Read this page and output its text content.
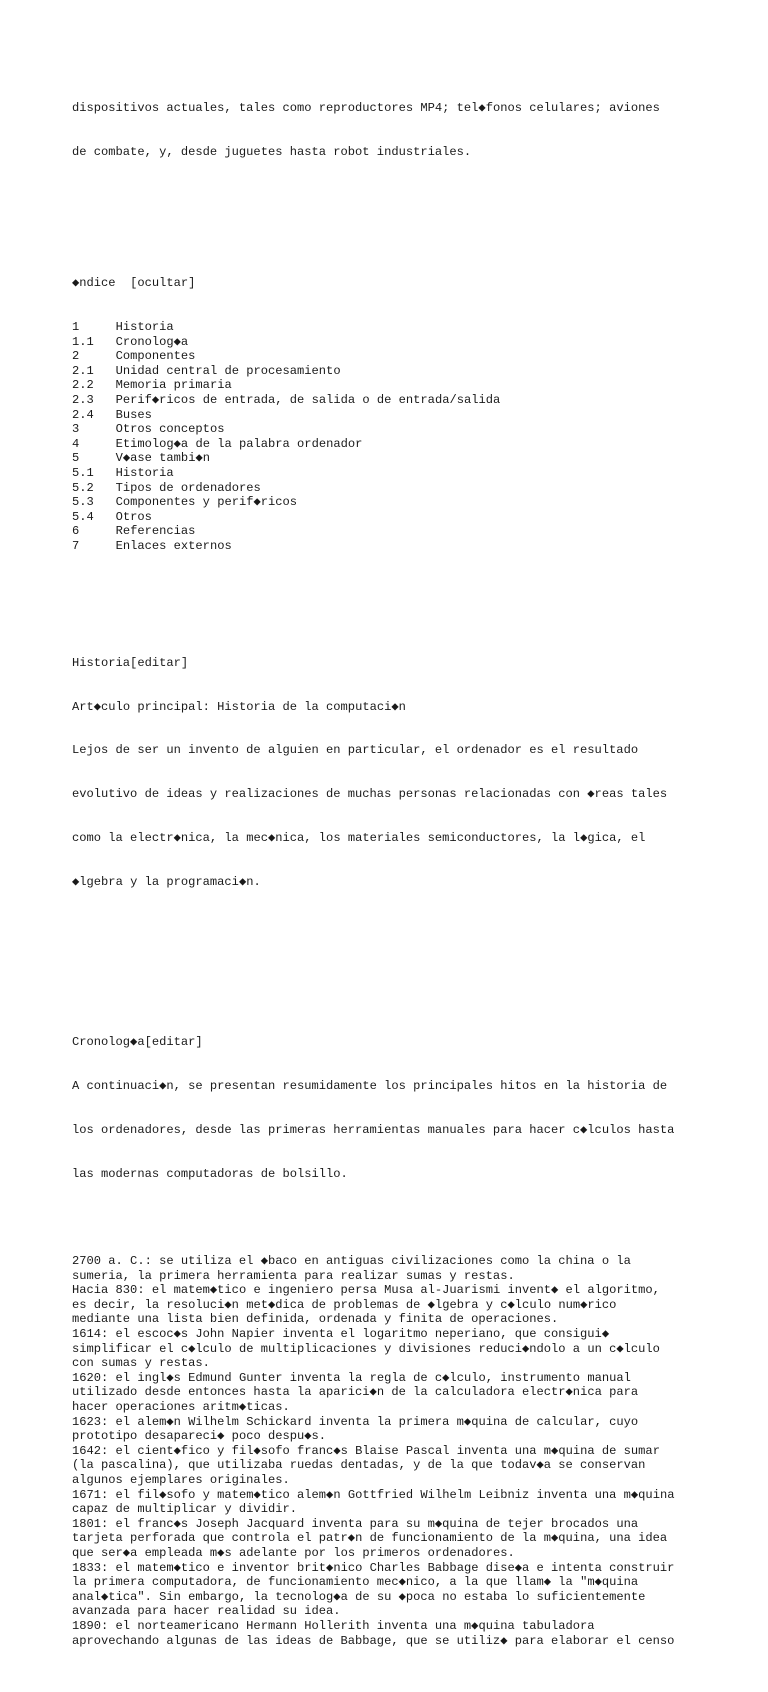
dispositivos actuales, tales como reproductores MP4; tel◆fonos celulares; aviones

de combate, y, desde juguetes hasta robot industriales.

◆ndice  [ocultar]

1	Historia
1.1 Cronolog◆a
2	Componentes
2.1 Unidad central de procesamiento
2.2 Memoria primaria
2.3 Perif◆ricos de entrada, de salida o de entrada/salida
2.4 Buses
3	Otros conceptos
4	Etimolog◆a de la palabra ordenador
5	V◆ase tambi◆n
5.1 Historia
5.2 Tipos de ordenadores
5.3 Componentes y perif◆ricos
5.4 Otros
6	Referencias
7	Enlaces externos

Historia[editar]

Art◆culo principal: Historia de la computaci◆n

Lejos de ser un invento de alguien en particular, el ordenador es el resultado

evolutivo de ideas y realizaciones de muchas personas relacionadas con ◆reas tales

como la electr◆nica, la mec◆nica, los materiales semiconductores, la l◆gica, el

◆lgebra y la programaci◆n.

Cronolog◆a[editar]

A continuaci◆n, se presentan resumidamente los principales hitos en la historia de

los ordenadores, desde las primeras herramientas manuales para hacer c◆lculos hasta

las modernas computadoras de bolsillo.

2700 a. C.: se utiliza el ◆baco en antiguas civilizaciones como la china o la
sumeria, la primera herramienta para realizar sumas y restas.
Hacia 830: el matem◆tico e ingeniero persa Musa al-Juarismi invent◆ el algoritmo,
es decir, la resoluci◆n met◆dica de problemas de ◆lgebra y c◆lculo num◆rico
mediante una lista bien definida, ordenada y finita de operaciones.
1614: el escoc◆s John Napier inventa el logaritmo neperiano, que consigui◆
simplificar el c◆lculo de multiplicaciones y divisiones reduci◆ndolo a un c◆lculo
con sumas y restas.
1620: el ingl◆s Edmund Gunter inventa la regla de c◆lculo, instrumento manual
utilizado desde entonces hasta la aparici◆n de la calculadora electr◆nica para
hacer operaciones aritm◆ticas.
1623: el alem◆n Wilhelm Schickard inventa la primera m◆quina de calcular, cuyo
prototipo desapareci◆ poco despu◆s.
1642: el cient◆fico y fil◆sofo franc◆s Blaise Pascal inventa una m◆quina de sumar
(la pascalina), que utilizaba ruedas dentadas, y de la que todav◆a se conservan
algunos ejemplares originales.
1671: el fil◆sofo y matem◆tico alem◆n Gottfried Wilhelm Leibniz inventa una m◆quina
capaz de multiplicar y dividir.
1801: el franc◆s Joseph Jacquard inventa para su m◆quina de tejer brocados una
tarjeta perforada que controla el patr◆n de funcionamiento de la m◆quina, una idea
que ser◆a empleada m◆s adelante por los primeros ordenadores.
1833: el matem◆tico e inventor brit◆nico Charles Babbage dise◆a e intenta construir
la primera computadora, de funcionamiento mec◆nico, a la que llam◆ la "m◆quina
anal◆tica". Sin embargo, la tecnolog◆a de su ◆poca no estaba lo suficientemente
avanzada para hacer realidad su idea.
1890: el norteamericano Hermann Hollerith inventa una m◆quina tabuladora
aprovechando algunas de las ideas de Babbage, que se utiliz◆ para elaborar el censo
